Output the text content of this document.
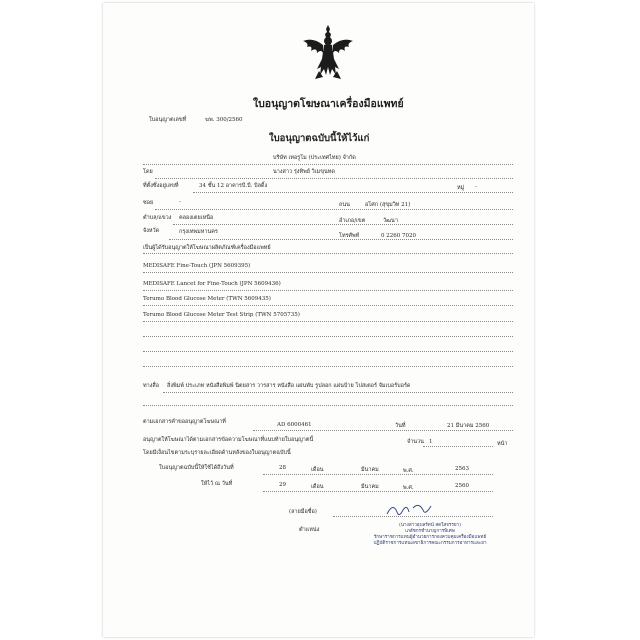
ใบอนุญาตโฆษณาเครื่องมือแพทย์
ใบอนุญาตเลขที่	ฆพ. 300/2560
ใบอนุญาตฉบับนี้ให้ไว้แก่
บริษัท เทอรูโม (ประเทศไทย) จำกัด
โดย	นางสาว รุ่งทิพย์ วิเมขุนทด
ที่ตั้งซึ่งอยู่เลขที่	34 ชั้น 12 อาคารบี.บี. บิลดิ้ง	หมู่ -
ซอย	-	ถนน	อโศก (สุขุมวิท 21)
ตำบล/แขวง คลองเตยเหนือ	อำเภอ/เขต	วัฒนา
จังหวัด	กรุงเทพมหานคร
โทรศัพท์	0 2260 7020
เป็นผู้ได้รับอนุญาตให้โฆษณาผลิตภัณฑ์เครื่องมือแพทย์
MEDISAFE Fine-Touch (JPN 5609395)
MEDISAFE Lancet for Fine-Touch (JPN 5609436)
Terumo Blood Glucose Meter (TWN 5609435)
Terumo Blood Glucose Meter Test Strip (TWN 5705735)
ทางสื่อ สิ่งพิมพ์ ประเภท หนังสือพิมพ์ นิตยสาร วารสาร หนังสือ แผ่นพับ รูปลอก แผ่นป้าย โปสเตอร์ จัมเบอร์บอร์ด
ตามเอกสารคำขออนุญาตโฆษณาที่	AD 6000461	วันที่	21 มีนาคม 2560
อนุญาตให้โฆษณาได้ตามเอกสารข้อความโฆษณาที่แนบท้ายใบอนุญาตนี้	จำนวน 1	หน้า
โดยมีเงื่อนไขตามระบุรายละเอียดด้านหลังของใบอนุญาตฉบับนี้
ใบอนุญาตฉบับนี้ให้ใช้ได้ถึงวันที่	28	เดือน	มีนาคม	พ.ศ.	2563
ให้ไว้ ณ วันที่	29	เดือน	มีนาคม	พ.ศ.	2560
(ลายมือชื่อ)
ตำแหน่ง
(นางสาวอุบลรัตน์ สดใสจรรยา)
เภสัชกรชำนาญการพิเศษ
รักษาราชการแทนผู้อำนวยการกองควบคุมเครื่องมือแพทย์
ปฏิบัติราชการแทนเลขาธิการคณะกรรมการอาหารและยา
